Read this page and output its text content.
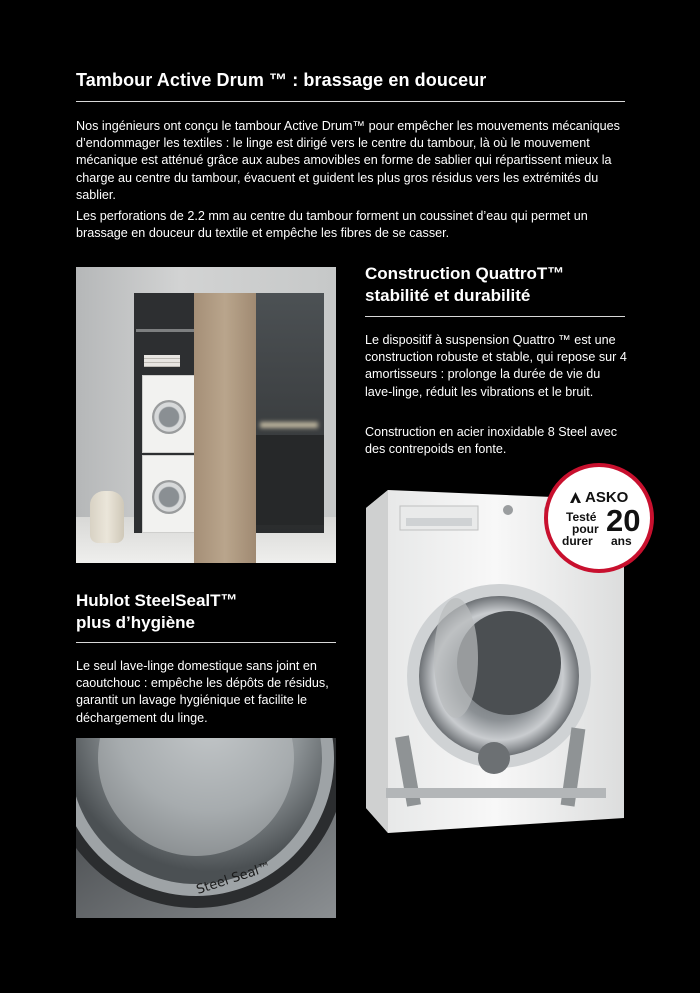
Tambour Active Drum ™ : brassage en douceur

Nos ingénieurs ont conçu le tambour Active Drum™ pour empêcher les mouvements mécaniques d’endommager les textiles : le linge est dirigé vers le centre du tambour, là où le mouvement mécanique est atténué grâce aux aubes amovibles en forme de sablier qui répartissent mieux la charge au centre du tambour, évacuent et guident les plus gros résidus vers les extrémités du sablier.

Les perforations de 2.2 mm au centre du tambour forment un coussinet d’eau qui permet un brassage en douceur du textile et empêche les fibres de se casser.

Construction QuattroT™
stabilité et durabilité

Le dispositif à suspension Quattro ™ est une construction robuste et stable, qui repose sur 4 amortisseurs : prolonge la durée de vie du lave-linge, réduit les vibrations et le bruit.

Construction en acier inoxidable 8 Steel avec des contrepoids en fonte.

ASKO
Testé
pour
durer
20
ans
Hublot SteelSealT™
plus d’hygiène

Le seul lave-linge domestique sans joint en caoutchouc : empêche les dépôts de résidus, garantit un lavage hygiénique et facilite le déchargement du linge.

Steel Seal™
